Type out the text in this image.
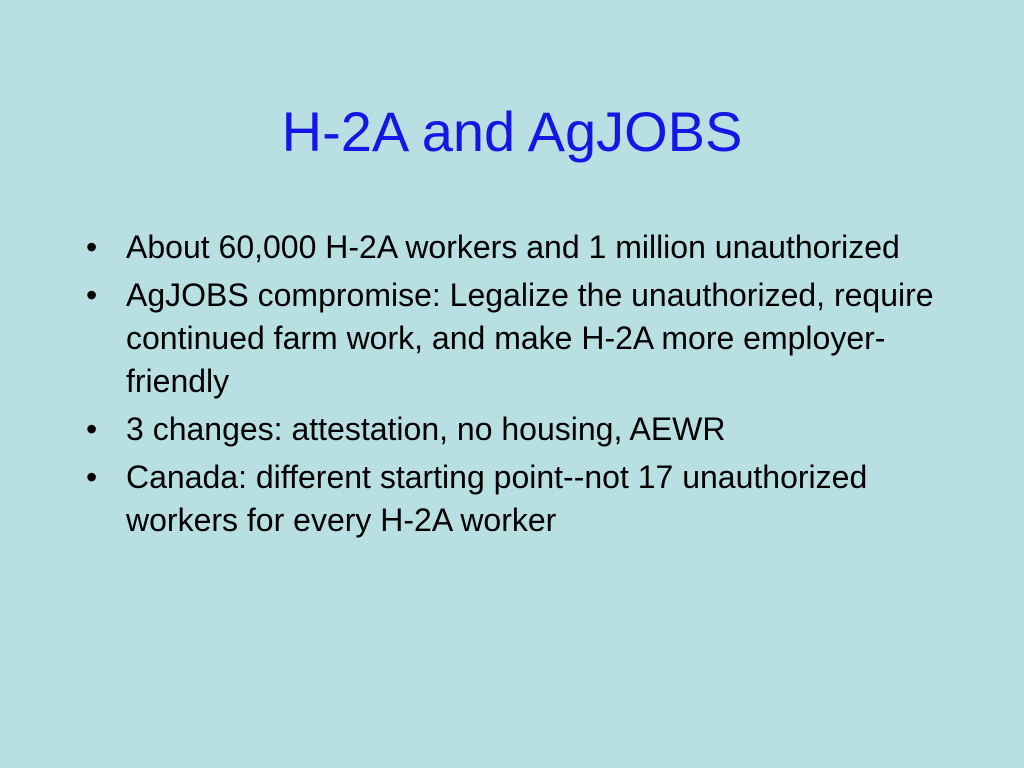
H-2A and AgJOBS
• About 60,000 H-2A workers and 1 million unauthorized
• AgJOBS compromise: Legalize the unauthorized, require continued farm work, and make H-2A more employer-friendly
• 3 changes: attestation, no housing, AEWR
• Canada: different starting point--not 17 unauthorized workers for every H-2A worker
